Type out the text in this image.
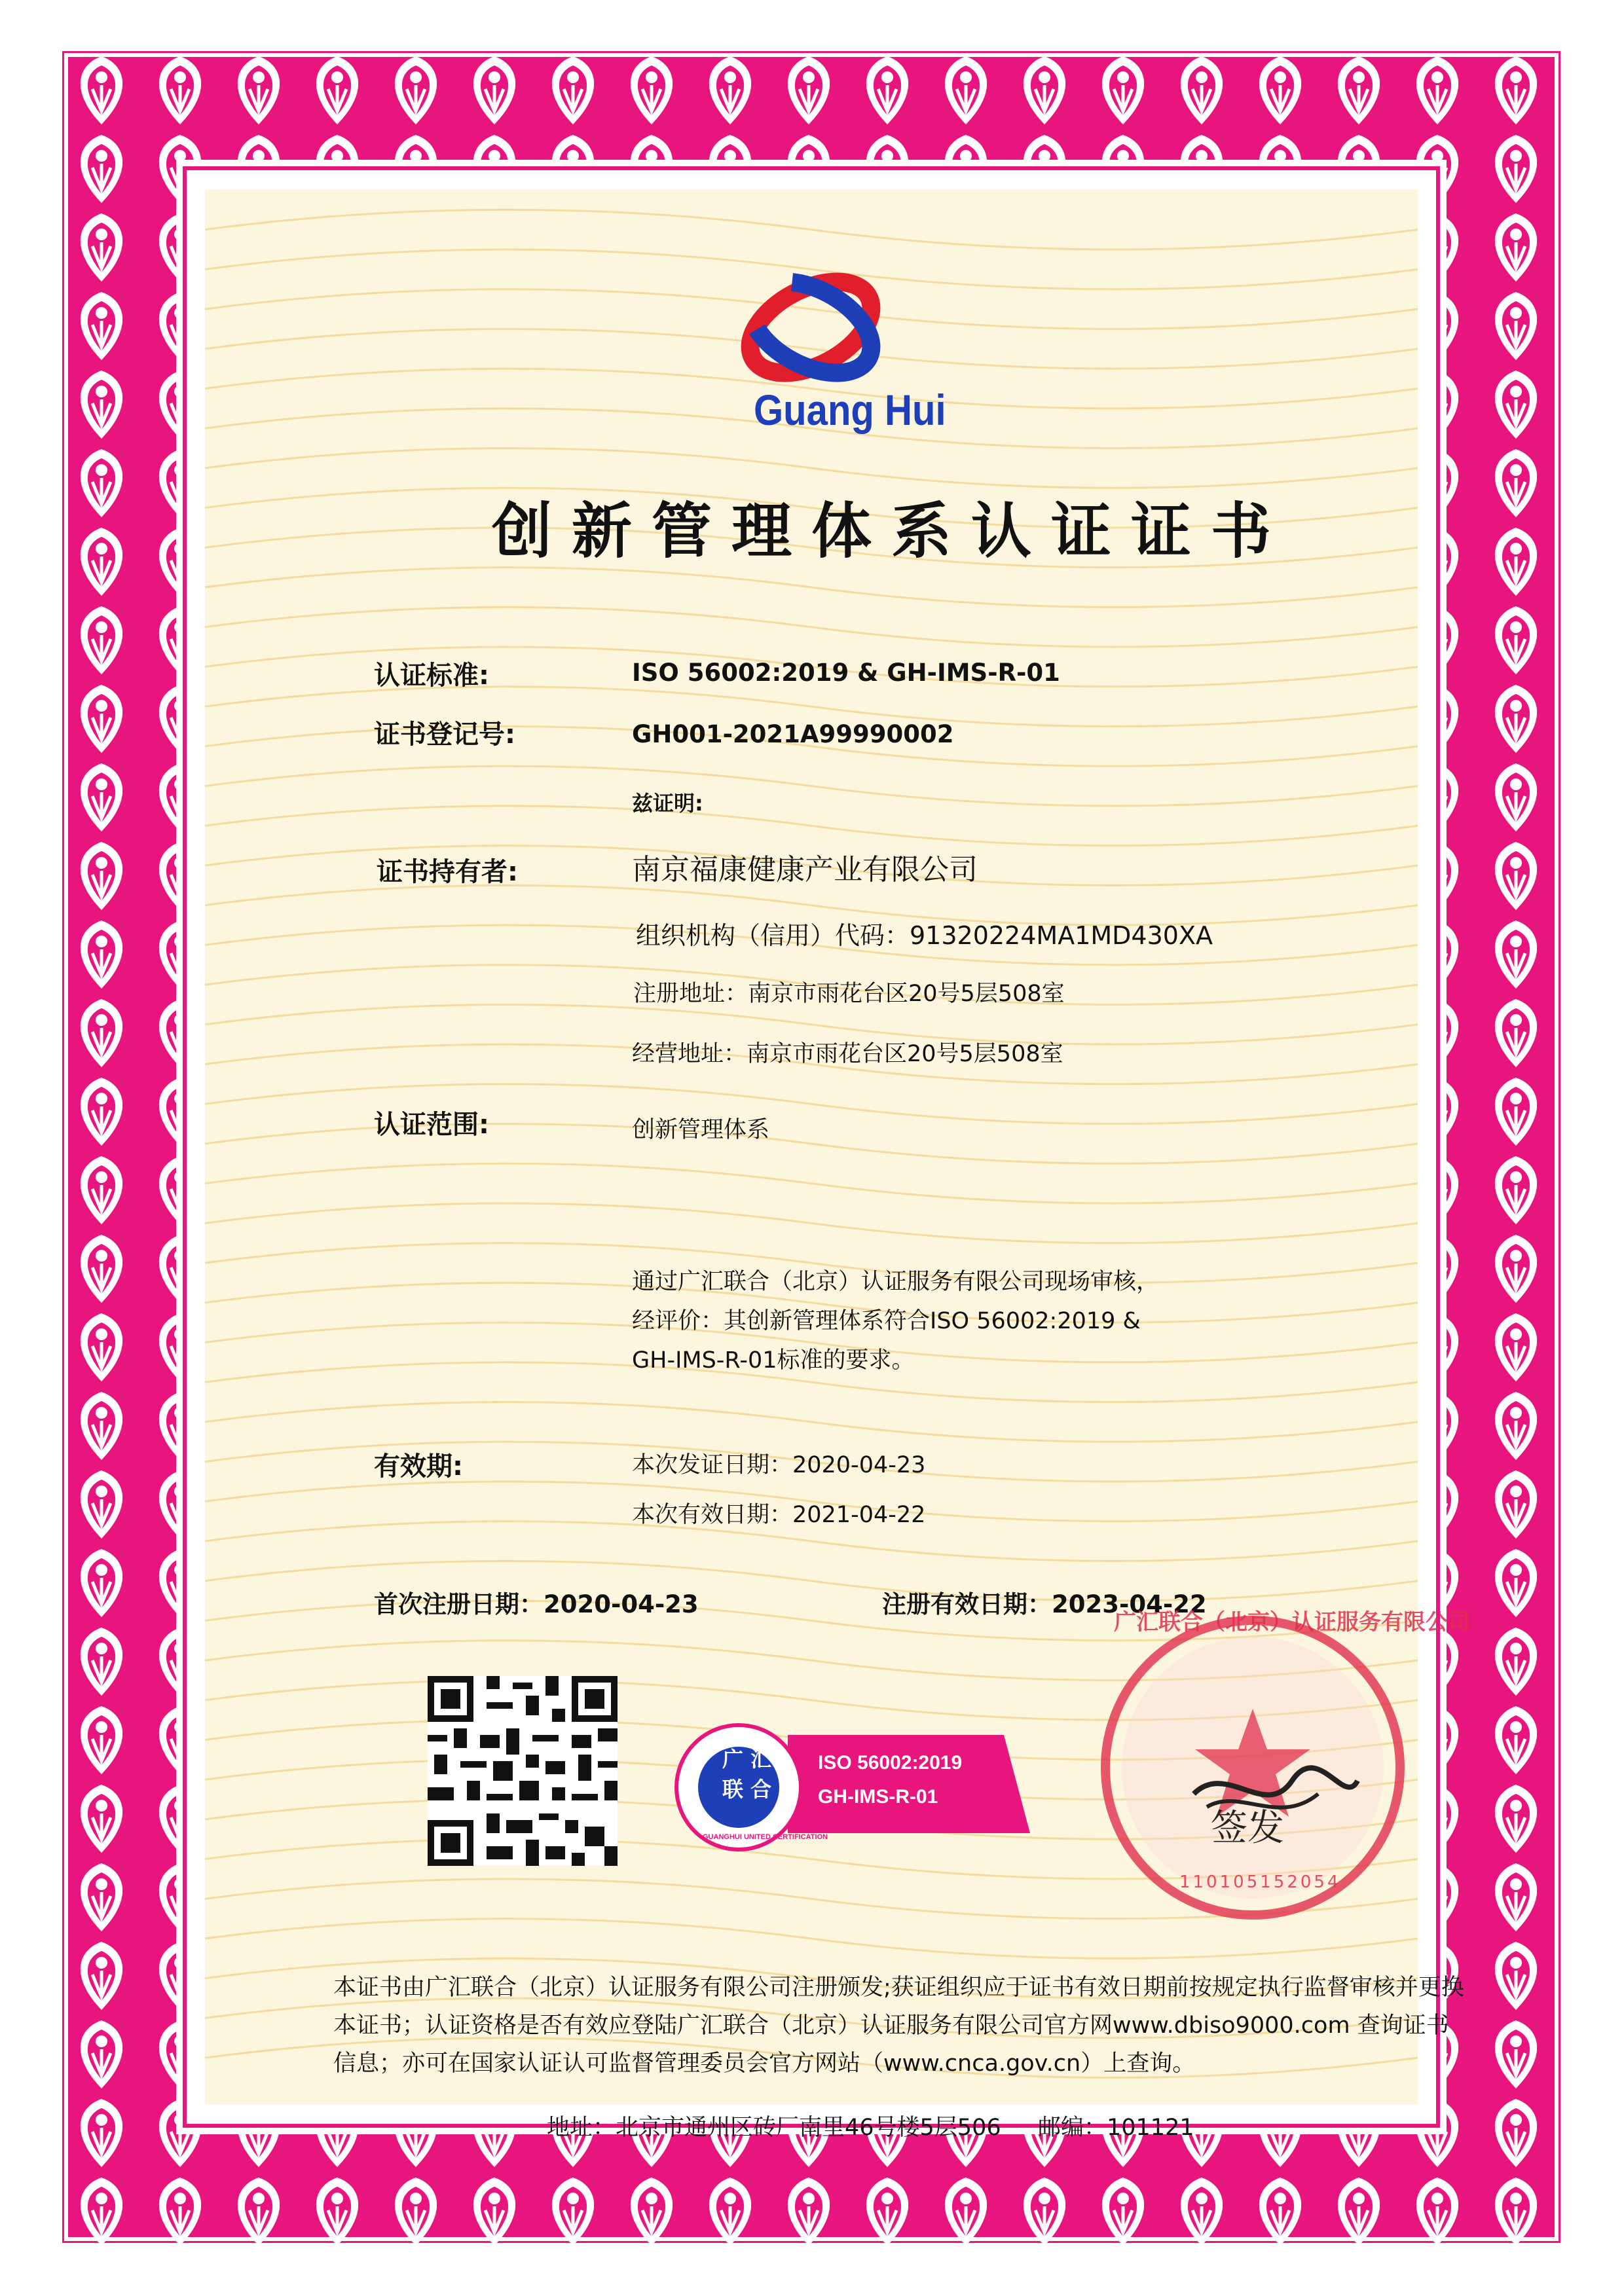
Guang Hui
创新管理体系认证证书
认证标准:	ISO 56002:2019 & GH-IMS-R-01
证书登记号:	GH001-2021A99990002
兹证明:
证书持有者:	南京福康健康产业有限公司
组织机构（信用）代码：91320224MA1MD430XA
注册地址：南京市雨花台区20号5层508室
经营地址：南京市雨花台区20号5层508室
认证范围:	创新管理体系
通过广汇联合（北京）认证服务有限公司现场审核，
经评价：其创新管理体系符合ISO 56002:2019 &
GH-IMS-R-01标准的要求。
有效期:	本次发证日期：2020-04-23
本次有效日期：2021-04-22
首次注册日期：2020-04-23	注册有效日期：2023-04-22
广 汇
联 合
GUANGHUI UNITED CERTIFICATION
ISO 56002:2019
GH-IMS-R-01
广汇联合（北京）认证服务有限公司
110105152054
签发
本证书由广汇联合（北京）认证服务有限公司注册颁发;获证组织应于证书有效日期前按规定执行监督审核并更换
本证书；认证资格是否有效应登陆广汇联合（北京）认证服务有限公司官方网www.dbiso9000.com 查询证书
信息；亦可在国家认证认可监督管理委员会官方网站（www.cnca.gov.cn）上查询。
地址：北京市通州区砖厂南里46号楼5层506 邮编：101121
